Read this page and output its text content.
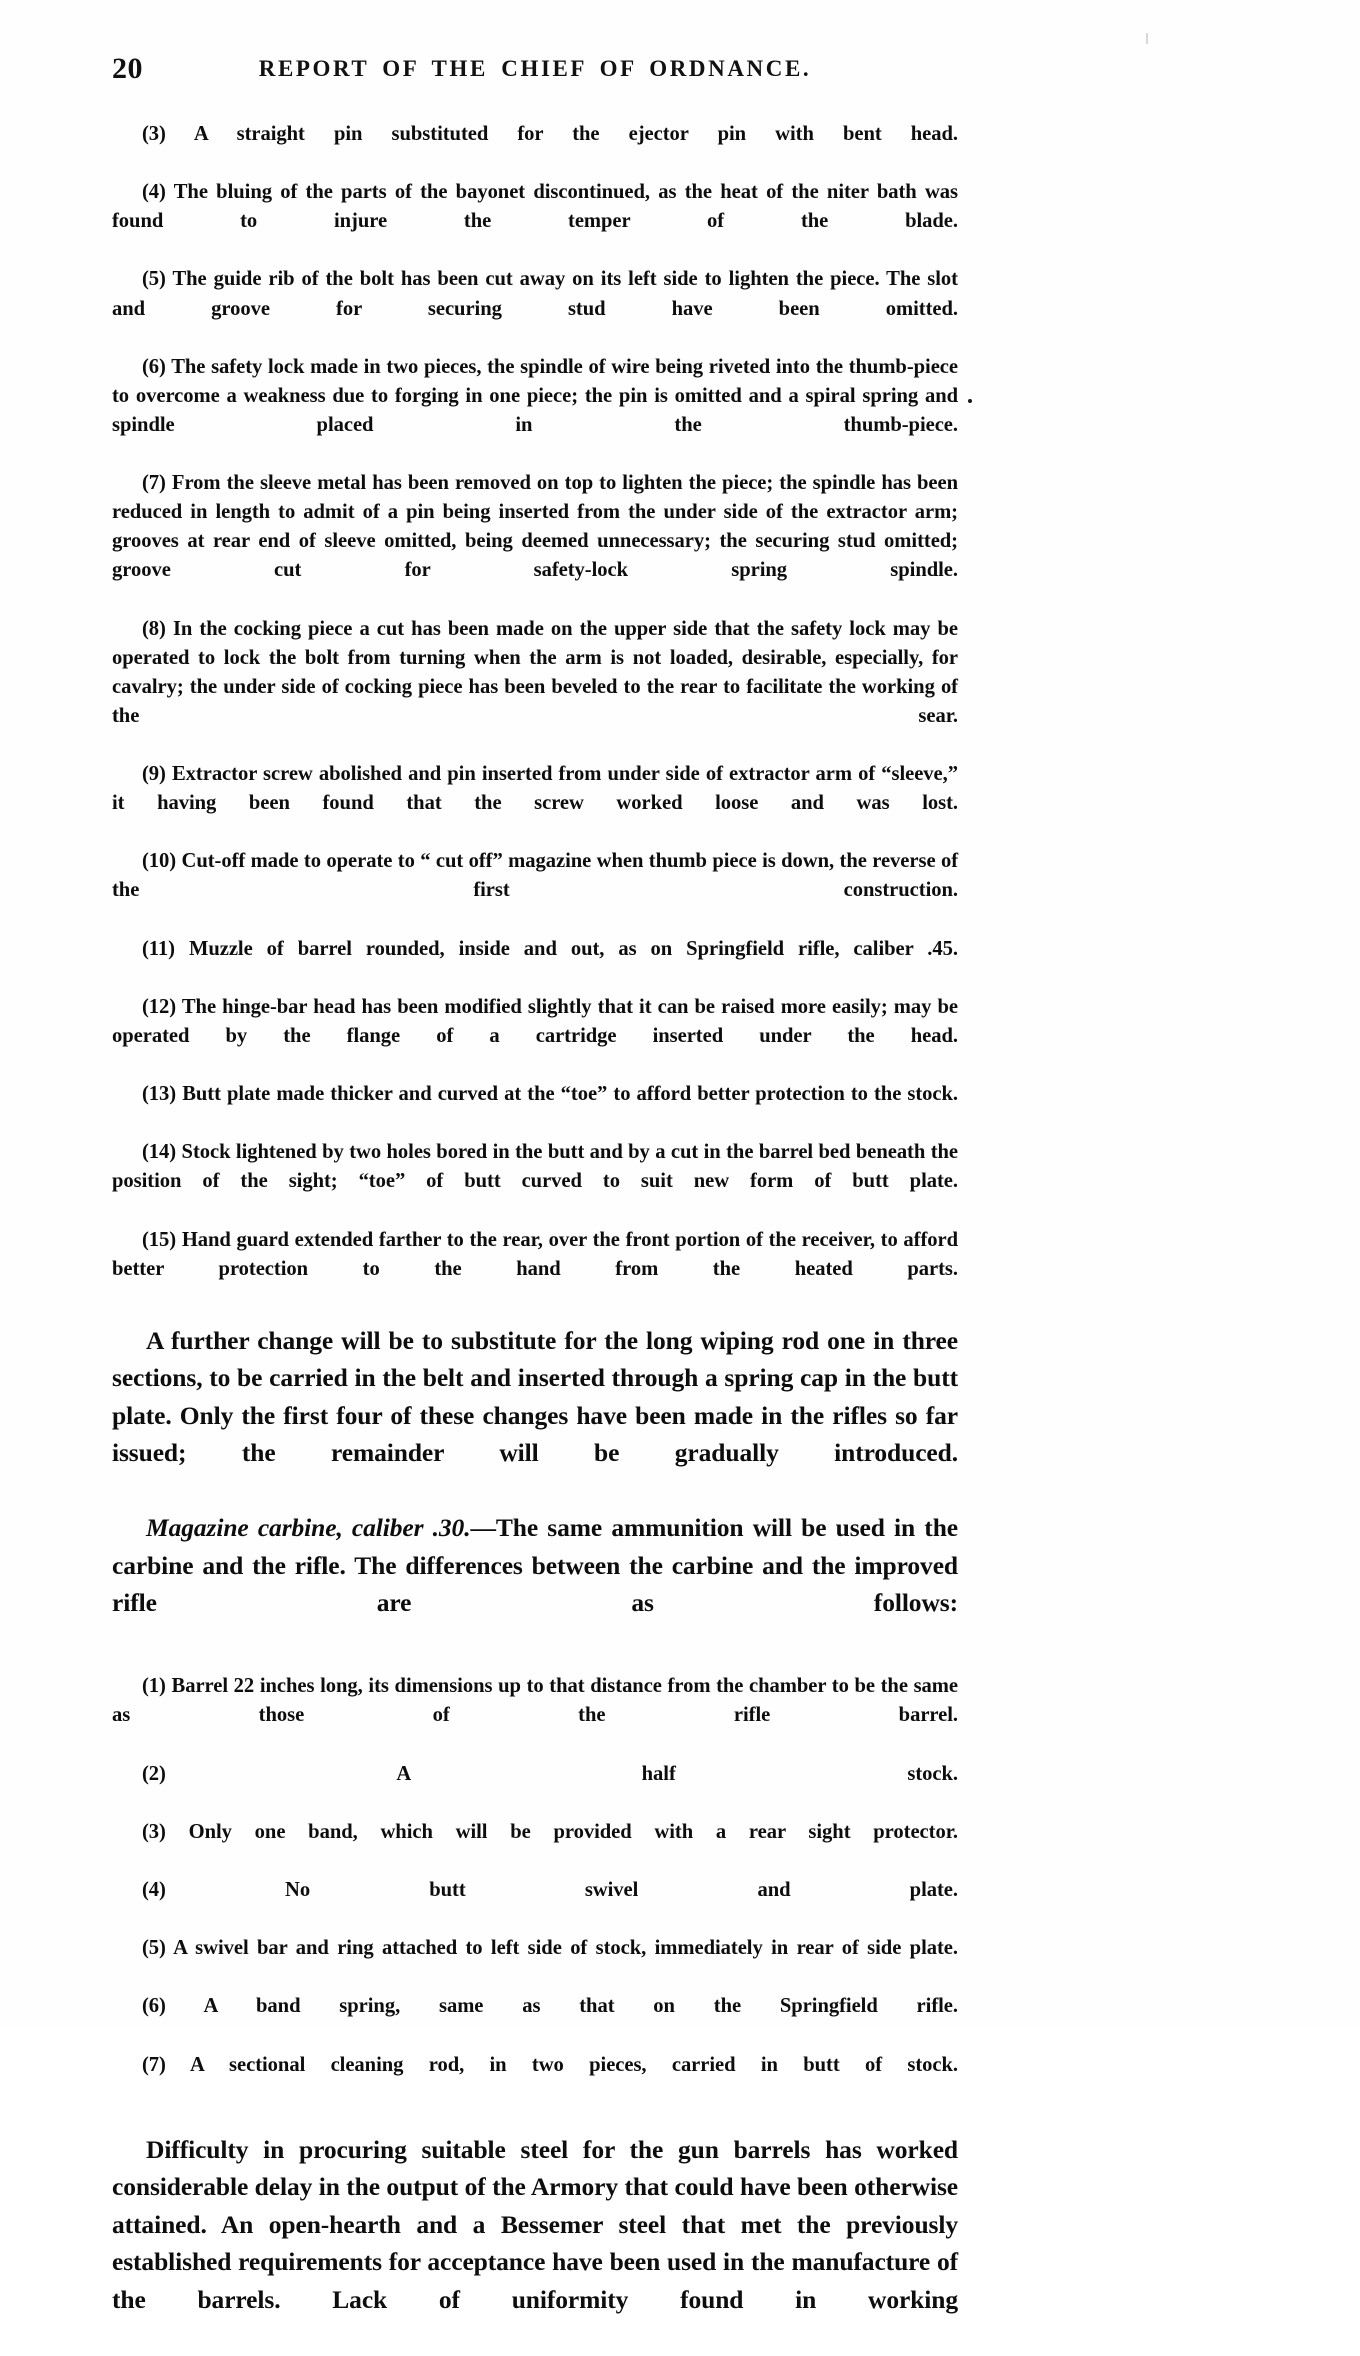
20	REPORT OF THE CHIEF OF ORDNANCE.

(3) A straight pin substituted for the ejector pin with bent head.

(4) The bluing of the parts of the bayonet discontinued, as the heat of the niter bath was found to injure the temper of the blade.

(5) The guide rib of the bolt has been cut away on its left side to lighten the piece. The slot and groove for securing stud have been omitted.

(6) The safety lock made in two pieces, the spindle of wire being riveted into the thumb-piece to overcome a weakness due to forging in one piece; the pin is omitted and a spiral spring and spindle placed in the thumb-piece.

(7) From the sleeve metal has been removed on top to lighten the piece; the spindle has been reduced in length to admit of a pin being inserted from the under side of the extractor arm; grooves at rear end of sleeve omitted, being deemed unnecessary; the securing stud omitted; groove cut for safety-lock spring spindle.

(8) In the cocking piece a cut has been made on the upper side that the safety lock may be operated to lock the bolt from turning when the arm is not loaded, desirable, especially, for cavalry; the under side of cocking piece has been beveled to the rear to facilitate the working of the sear.

(9) Extractor screw abolished and pin inserted from under side of extractor arm of “sleeve,” it having been found that the screw worked loose and was lost.

(10) Cut-off made to operate to “ cut off” magazine when thumb piece is down, the reverse of the first construction.

(11) Muzzle of barrel rounded, inside and out, as on Springfield rifle, caliber .45.

(12) The hinge-bar head has been modified slightly that it can be raised more easily; may be operated by the flange of a cartridge inserted under the head.

(13) Butt plate made thicker and curved at the “toe” to afford better protection to the stock.

(14) Stock lightened by two holes bored in the butt and by a cut in the barrel bed beneath the position of the sight; “toe” of butt curved to suit new form of butt plate.

(15) Hand guard extended farther to the rear, over the front portion of the receiver, to afford better protection to the hand from the heated parts.

A further change will be to substitute for the long wiping rod one in three sections, to be carried in the belt and inserted through a spring cap in the butt plate. Only the first four of these changes have been made in the rifles so far issued; the remainder will be gradually introduced.

Magazine carbine, caliber .30.—The same ammunition will be used in the carbine and the rifle. The differences between the carbine and the improved rifle are as follows:

(1) Barrel 22 inches long, its dimensions up to that distance from the chamber to be the same as those of the rifle barrel.

(2) A half stock.

(3) Only one band, which will be provided with a rear sight protector.

(4) No butt swivel and plate.

(5) A swivel bar and ring attached to left side of stock, immediately in rear of side plate.

(6) A band spring, same as that on the Springfield rifle.

(7) A sectional cleaning rod, in two pieces, carried in butt of stock.

Difficulty in procuring suitable steel for the gun barrels has worked considerable delay in the output of the Armory that could have been otherwise attained. An open-hearth and a Bessemer steel that met the previously established requirements for acceptance have been used in the manufacture of the barrels. Lack of uniformity found in working
